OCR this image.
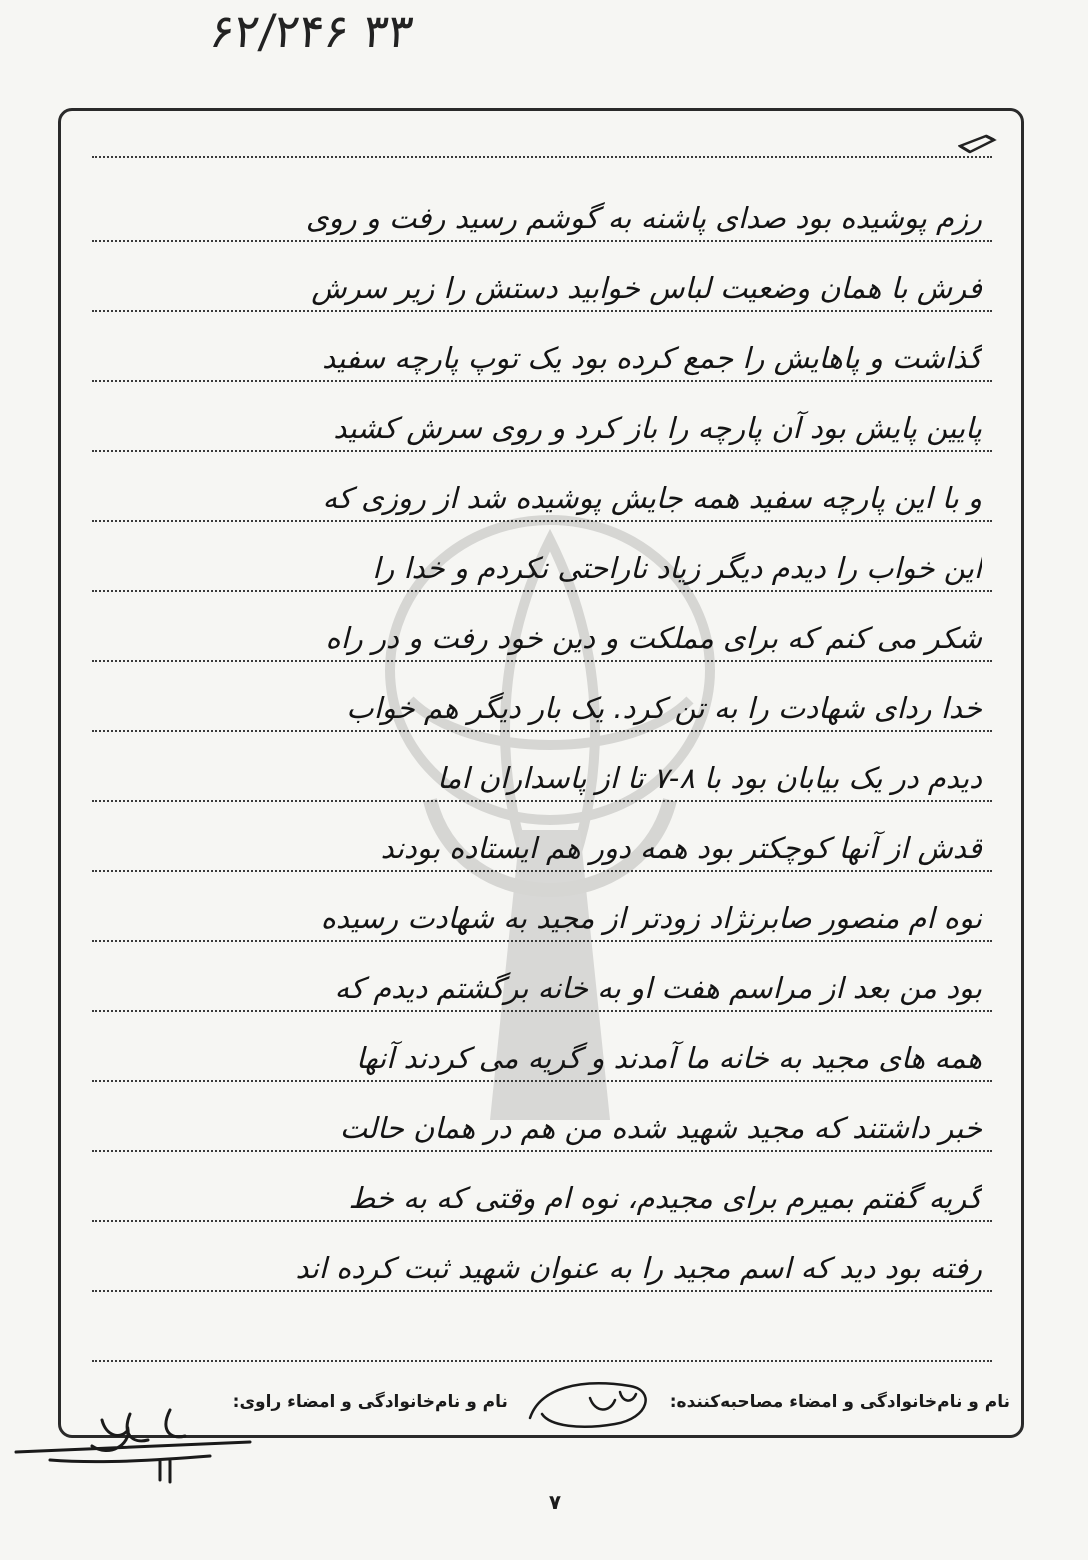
۶۲/۲۴۶ ۳۳
رزم پوشیده بود صدای پاشنه به گوشم رسید رفت و روی
فرش با همان وضعیت لباس خوابید دستش را زیر سرش
گذاشت و پاهایش را جمع کرده بود یک توپ پارچه سفید
پایین پایش بود آن پارچه را باز کرد و روی سرش کشید
و با این پارچه سفید همه جایش پوشیده شد از روزی که
این خواب را دیدم دیگر زیاد ناراحتی نکردم و خدا را
شکر می کنم که برای مملکت و دین خود رفت و در راه
خدا ردای شهادت را به تن کرد. یک بار دیگر هم خواب
دیدم در یک بیابان بود با ۸-۷ تا از پاسداران اما
قدش از آنها کوچکتر بود همه دور هم ایستاده بودند
نوه ام منصور صابرنژاد زودتر از مجید به شهادت رسیده
بود من بعد از مراسم هفت او به خانه برگشتم دیدم که
همه های مجید به خانه ما آمدند و گریه می کردند آنها
خبر داشتند که مجید شهید شده من هم در همان حالت
گریه گفتم بمیرم برای مجیدم، نوه ام وقتی که به خط
رفته بود دید که اسم مجید را به عنوان شهید ثبت کرده اند
نام و نام‌خانوادگی و امضاء مصاحبه‌کننده:  نام و نام‌خانوادگی و امضاء راوی:
۷
